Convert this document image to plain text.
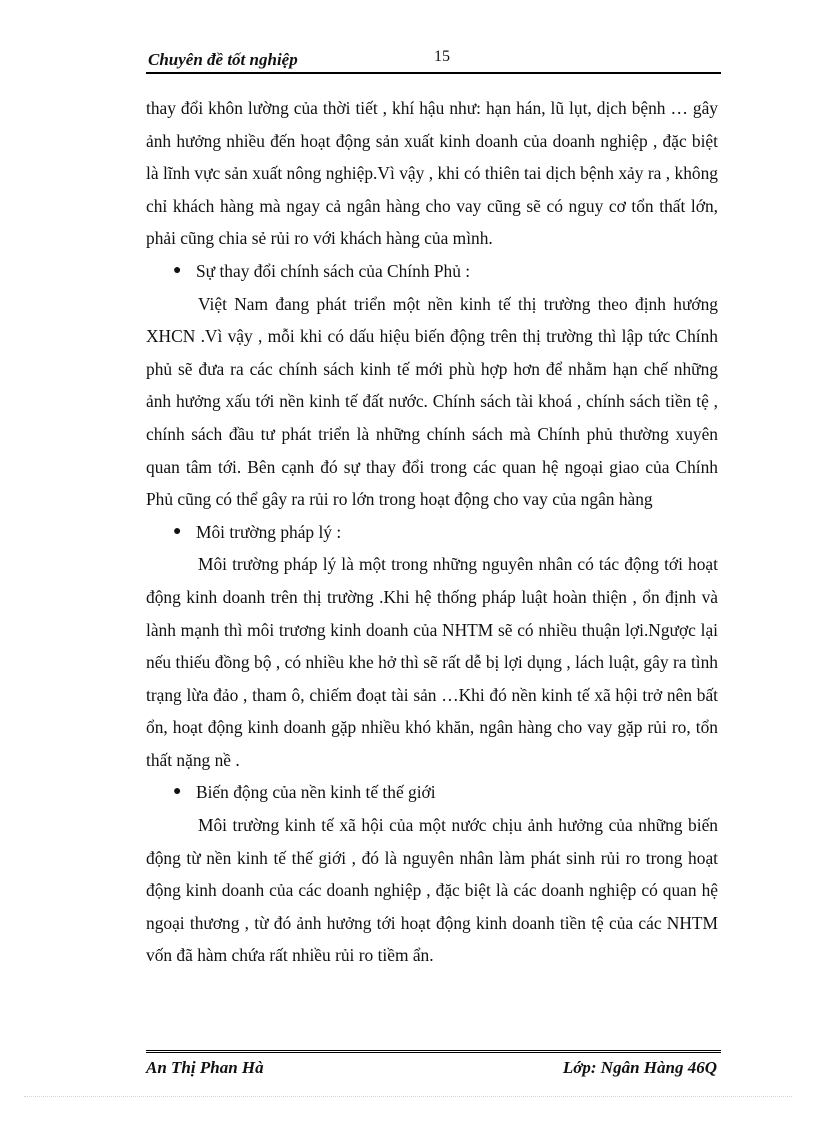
Chuyên đề tốt nghiệp	15

thay đổi khôn lường của thời tiết , khí hậu như: hạn hán, lũ lụt, dịch bệnh … gây ảnh hưởng nhiều đến hoạt động sản xuất kinh doanh của doanh nghiệp , đặc biệt là lĩnh vực sản xuất nông nghiệp.Vì vậy , khi có thiên tai dịch bệnh xảy ra , không chỉ khách hàng mà ngay cả ngân hàng cho vay cũng sẽ có nguy cơ tổn thất lớn, phải cũng chia sẻ rủi ro với khách hàng của mình.

● Sự thay đổi chính sách của Chính Phủ :

Việt Nam đang phát triển một nền kinh tế thị trường theo định hướng XHCN .Vì vậy , mỗi khi có dấu hiệu biến động trên thị trường thì lập tức Chính phủ sẽ đưa ra các chính sách kinh tế mới phù hợp hơn để nhằm hạn chế những ảnh hưởng xấu tới nền kinh tế đất nước. Chính sách tài khoá , chính sách tiền tệ , chính sách đầu tư phát triển là những chính sách mà Chính phủ thường xuyên quan tâm tới. Bên cạnh đó sự thay đổi trong các quan hệ ngoại giao của Chính Phủ cũng có thể gây ra rủi ro lớn trong hoạt động cho vay của ngân hàng

● Môi trường pháp lý :

Môi trường pháp lý là một trong những nguyên nhân có tác động tới hoạt động kinh doanh trên thị trường .Khi hệ thống pháp luật hoàn thiện , ổn định và lành mạnh thì môi trương kinh doanh của NHTM sẽ có nhiều thuận lợi.Ngược lại nếu thiếu đồng bộ , có nhiều khe hở thì sẽ rất dễ bị lợi dụng , lách luật, gây ra tình trạng lừa đảo , tham ô, chiếm đoạt tài sản …Khi đó nền kinh tế xã hội trở nên bất ổn, hoạt động kinh doanh gặp nhiều khó khăn, ngân hàng cho vay gặp rủi ro, tổn thất nặng nề .

● Biến động của nền kinh tế thế giới

Môi trường kinh tế xã hội của một nước chịu ảnh hưởng của những biến động từ nền kinh tế thế giới , đó là nguyên nhân làm phát sinh rủi ro trong hoạt động kinh doanh của các doanh nghiệp , đặc biệt là các doanh nghiệp có quan hệ ngoại thương , từ đó ảnh hưởng tới hoạt động kinh doanh tiền tệ của các NHTM vốn đã hàm chứa rất nhiều rủi ro tiềm ẩn.

An Thị Phan Hà	Lớp: Ngân Hàng 46Q
